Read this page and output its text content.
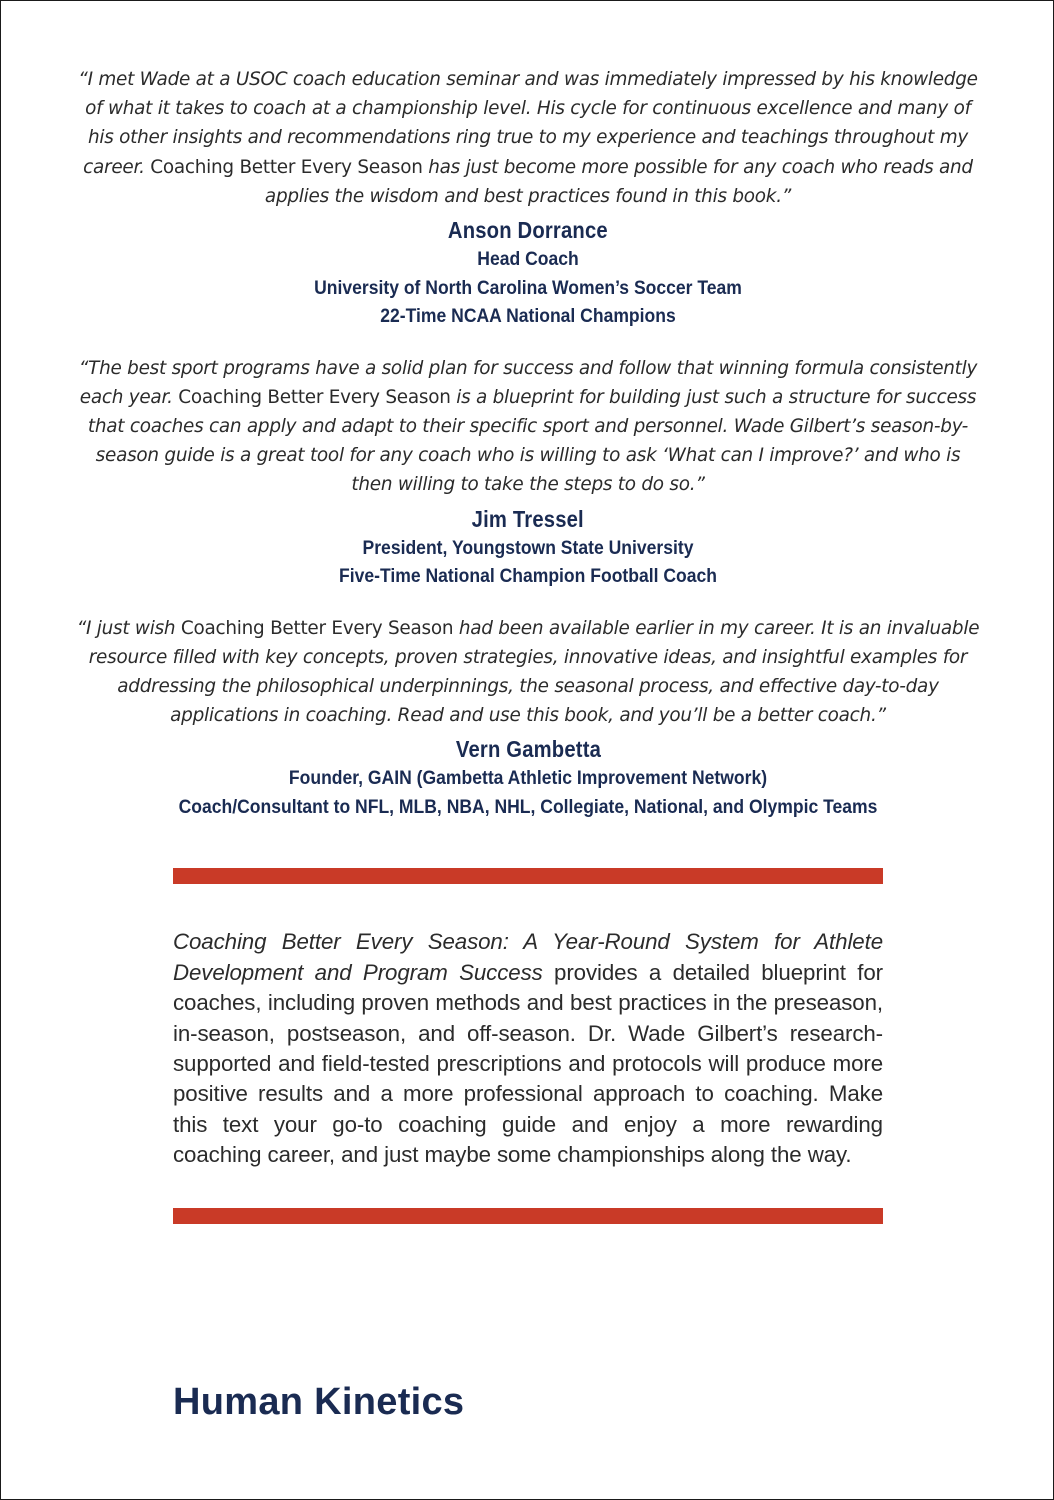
“I met Wade at a USOC coach education seminar and was immediately impressed by his knowledge of what it takes to coach at a championship level. His cycle for continuous excellence and many of his other insights and recommendations ring true to my experience and teachings throughout my career. Coaching Better Every Season has just become more possible for any coach who reads and applies the wisdom and best practices found in this book.”

Anson Dorrance
Head Coach
University of North Carolina Women’s Soccer Team
22-Time NCAA National Champions

“The best sport programs have a solid plan for success and follow that winning formula consistently each year. Coaching Better Every Season is a blueprint for building just such a structure for success that coaches can apply and adapt to their specific sport and personnel. Wade Gilbert’s season-by-season guide is a great tool for any coach who is willing to ask ‘What can I improve?’ and who is then willing to take the steps to do so.”

Jim Tressel
President, Youngstown State University
Five-Time National Champion Football Coach

“I just wish Coaching Better Every Season had been available earlier in my career. It is an invaluable resource filled with key concepts, proven strategies, innovative ideas, and insightful examples for addressing the philosophical underpinnings, the seasonal process, and effective day-to-day applications in coaching. Read and use this book, and you’ll be a better coach.”

Vern Gambetta
Founder, GAIN (Gambetta Athletic Improvement Network)
Coach/Consultant to NFL, MLB, NBA, NHL, Collegiate, National, and Olympic Teams

Coaching Better Every Season: A Year-Round System for Athlete Development and Program Success provides a detailed blueprint for coaches, including proven methods and best practices in the preseason, in-season, postseason, and off-season. Dr. Wade Gilbert’s research-supported and field-tested prescriptions and protocols will produce more positive results and a more professional approach to coaching. Make this text your go-to coaching guide and enjoy a more rewarding coaching career, and just maybe some championships along the way.

Human Kinetics
